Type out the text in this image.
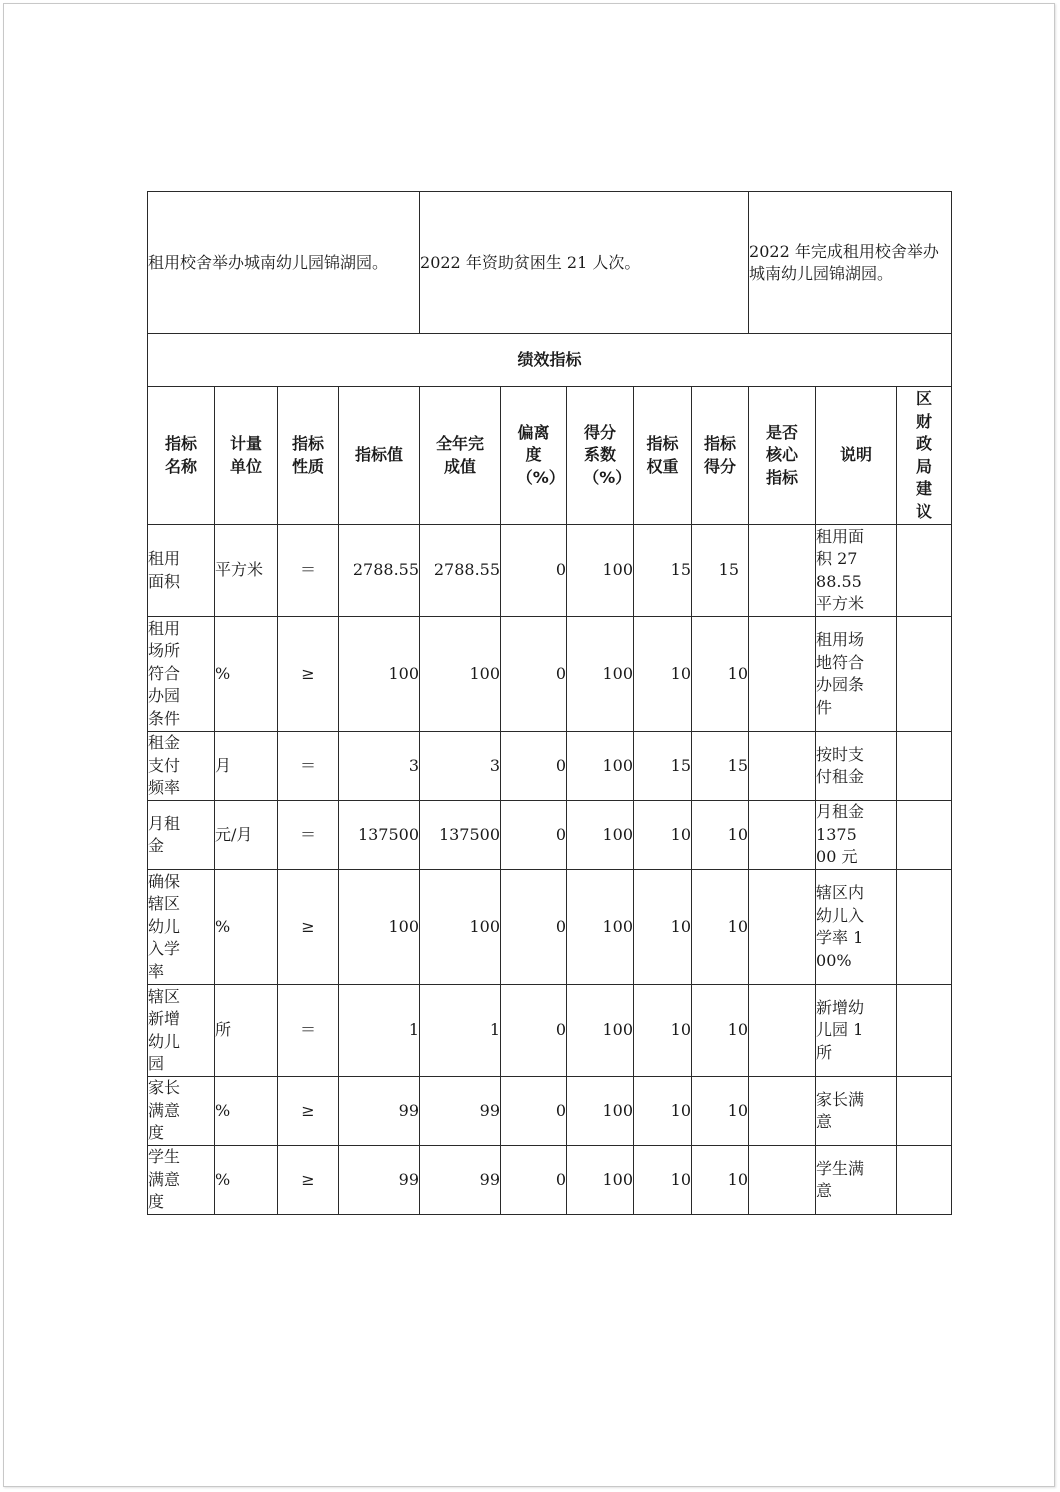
租用校舍举办城南幼儿园锦湖园。				2022 年资助贫困生 21 人次。					2022 年完成租用校舍举办城南幼儿园锦湖园。		
绩效指标											

指标名称	计量单位	指标性质	指标值	全年完成值	偏离度（%）	得分系数（%）	指标权重	指标得分	是否核心指标	说明	区财政局建议

租用面积	平方米	＝	2788.55	2788.55	0	100	15	15		租用面积 2788.55 平方米	

租用场所符合办园条件	%	≥	100	100	0	100	10	10		租用场地符合办园条件	

租金支付频率	月	＝	3	3	0	100	15	15		按时支付租金	

月租金	元/月	＝	137500	137500	0	100	10	10		月租金 137500 元	

确保辖区幼儿入学率	%	≥	100	100	0	100	10	10		辖区内幼儿入学率 100%	

辖区新增幼儿园	所	＝	1	1	0	100	10	10		新增幼儿园 1 所	

家长满意度	%	≥	99	99	0	100	10	10		家长满意	

学生满意度	%	≥	99	99	0	100	10	10		学生满意	
